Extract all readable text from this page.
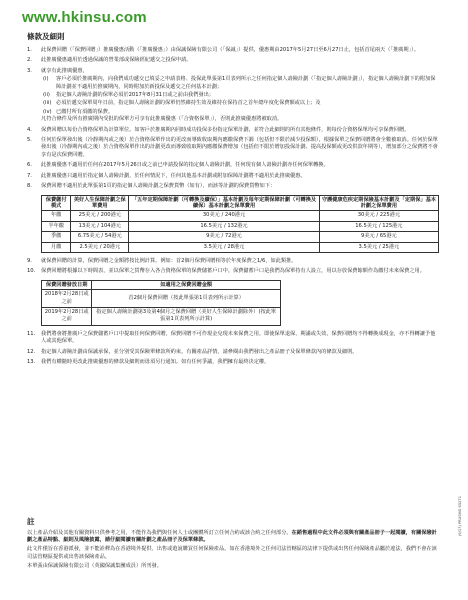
www.hkinsu.com
條款及細則
1.	此保費回贈（「保費回贈」）推廣優惠活動（「推廣優惠」）由保誠保險有限公司（「保誠」）提供，優惠期由2017年5月27日至6月27日止，包括首尾兩天（「推廣期」）。
2.	此推廣優惠適用於透過保誠的營業部或保險經紀遞交之投保申請。
3.	就享有此推廣優惠，
(i)	客戶必須於推廣期內，向我們成功遞交已填妥之申請表格、投保此單張第1頁表列所示之任何指定個人壽險計劃（「指定個人壽險計劃」），指定個人壽險計劃下的附加保障計劃並不適用於推廣期內，同時附加於新投保及遞交之任何基本計劃；
(ii)	指定個人壽險計劃的保單必須於2017年8月31日或之前由我們發出；
(iii) 必須於遞交保單周年日前，指定個人壽險計劃的保單仍然維持生效及維持在保持首之首年總年度化保費額或以上；及
(iv) 已繳付所有須繳的保費。
凡符合條件及所有推廣期內受批的保單方可享有此推廣優惠（「合資格保單」），否則此推廣優惠將被取消。
4.	保費回贈以每份合資格保單為計算單位。如客戶於推廣期內同時成功投保多份指定保單計劃，並符合此細則的所有其他條件，則每份合資格保單均可享保費回贈。
5.	任何於保單發出後（冷靜期內或之後）於合資格保單作出的更改而導致收取期內應繳保費下調（包括但不限於減少投保額），根據保單之保費回贈將會全數被取消。任何於保單發出後（冷靜期內或之後）於合資格保單作出的計劃更改而導致收取期內應繳保費增加（包括但不限於增加投保計劃、提高投保額或更改供款年期等），增加部分之保費將不會享有是次保費回贈。
6.	此推廣優惠不適用於任何在2017年5月26日或之前已申請投保的指定個人壽險計劃，任何現有個人壽險計劃亦任何保單轉換。
7.	此推廣優惠只適用於指定個人壽險計劃，於任何情況下，任何其他基本計劃或附加保障計劃將不適用於此推廣優惠。
8.	保費回贈不適用於此單張第1頁的指定個人壽險計劃之保費貨幣（如有），而該等計劃的保費貨幣如下：
保費繳付模式	美好人生保障計劃之保單費用	「五年定期保障計劃（可轉換及續保）」基本計劃及每年定期保障計劃（可轉換及續保）基本計劃之保單費用	守護健康危疾定期保險基本計劃及「定期保」基本計劃之保單費用
年繳	25美元 / 200港元	30美元 / 240港元	30美元 / 225港元
半年繳	13美元 / 104港元	16.5美元 / 132港元	16.5美元 / 125港元
季繳	6.75美元 / 54港元	9美元 / 72港元	9美元 / 65港元
月繳	2.5美元 / 20港元	3.5美元 / 28港元	3.5美元 / 25港元
9.	就保費回贈的計算，保費回贈之金額將按比例計算。例如：首2個月保費回贈相等於年度保費之1/6，如此類推。
10.	保費回贈將根據以下時間表，並以保單之貨幣存入各合資格保單的保費儲蓄戶口中。保費儲蓄戶口是我們為保單持有人設立，用以存放保費餘額作為繳付未來保費之用。
保費回贈發放日期	如適用之保費回贈金額
2018年2月28日或之前	首2個月保費回贈（按此單張第1頁表列所示計算）
2019年2月28日或之前	指定個人壽險計劃第3及第4個月之保費回贈（美好人生保障計劃除外）(按此單張第1頁表列所示計算)
11.	我們將會將推廣戶之保費儲蓄戶口中提取任何保費回贈，保費回贈不可作現金兌現未來保費之用。即使保單退保、期滿或失效，保費回贈均不得轉換成現金，亦不得轉讓予他人或其他保單。
12.	指定個人壽險計劃由保誠承保，並分別受其保險單條款所約束。有關產品詳情，請參閱由我們發出之產品冊子及保單條款內的條款及細則。
13.	我們有權隨時更改此推廣優惠的條款及細則而毋須另行通知。如有任何爭議，我們擁有最終決定權。
註

以上產品介紹及其他有關資料只供參考之用，不能作為我們與任何人士或團體所訂立任何合約或該合約之任何部分。在銷售過程中此文件必須與有關產品冊子一起閱讀，有關保險計劃之產品特點、細則及風險披露，請仔細閱讀有關計劃之產品冊子及保單條款。

此文件僅旨在香港派發，並不能詮釋為在香港境外提供、出售或遊說購買任何保險產品。如在香港境外之任何司法管轄區的法律下提供或出售任何保險產品屬於違法，我們不會在該司法管轄區提供或出售該保險產品。

本單張由保誠保險有限公司（英國保誠集團成員）所刊發。

(6/17) PRUSMG 65271
